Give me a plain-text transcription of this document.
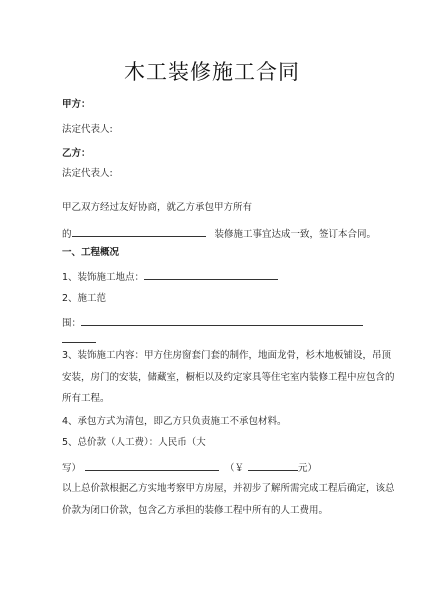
木工装修施工合同
甲方：
法定代表人:
乙方：
法定代表人:
甲乙双方经过友好协商，就乙方承包甲方所有
的	装修施工事宜达成一致，签订本合同。
一、工程概况
1、装饰施工地点：
2、施工范
围：
3、装饰施工内容：甲方住房窗套门套的制作，地面龙骨，杉木地板铺设，吊顶
安装，房门的安装，储藏室，橱柜以及约定家具等住宅室内装修工程中应包含的
所有工程。
4、承包方式为清包，即乙方只负责施工不承包材料。
5、总价款（人工费）：人民币（大
写）	（￥	元）
以上总价款根据乙方实地考察甲方房屋，并初步了解所需完成工程后确定，该总
价款为闭口价款，包含乙方承担的装修工程中所有的人工费用。
